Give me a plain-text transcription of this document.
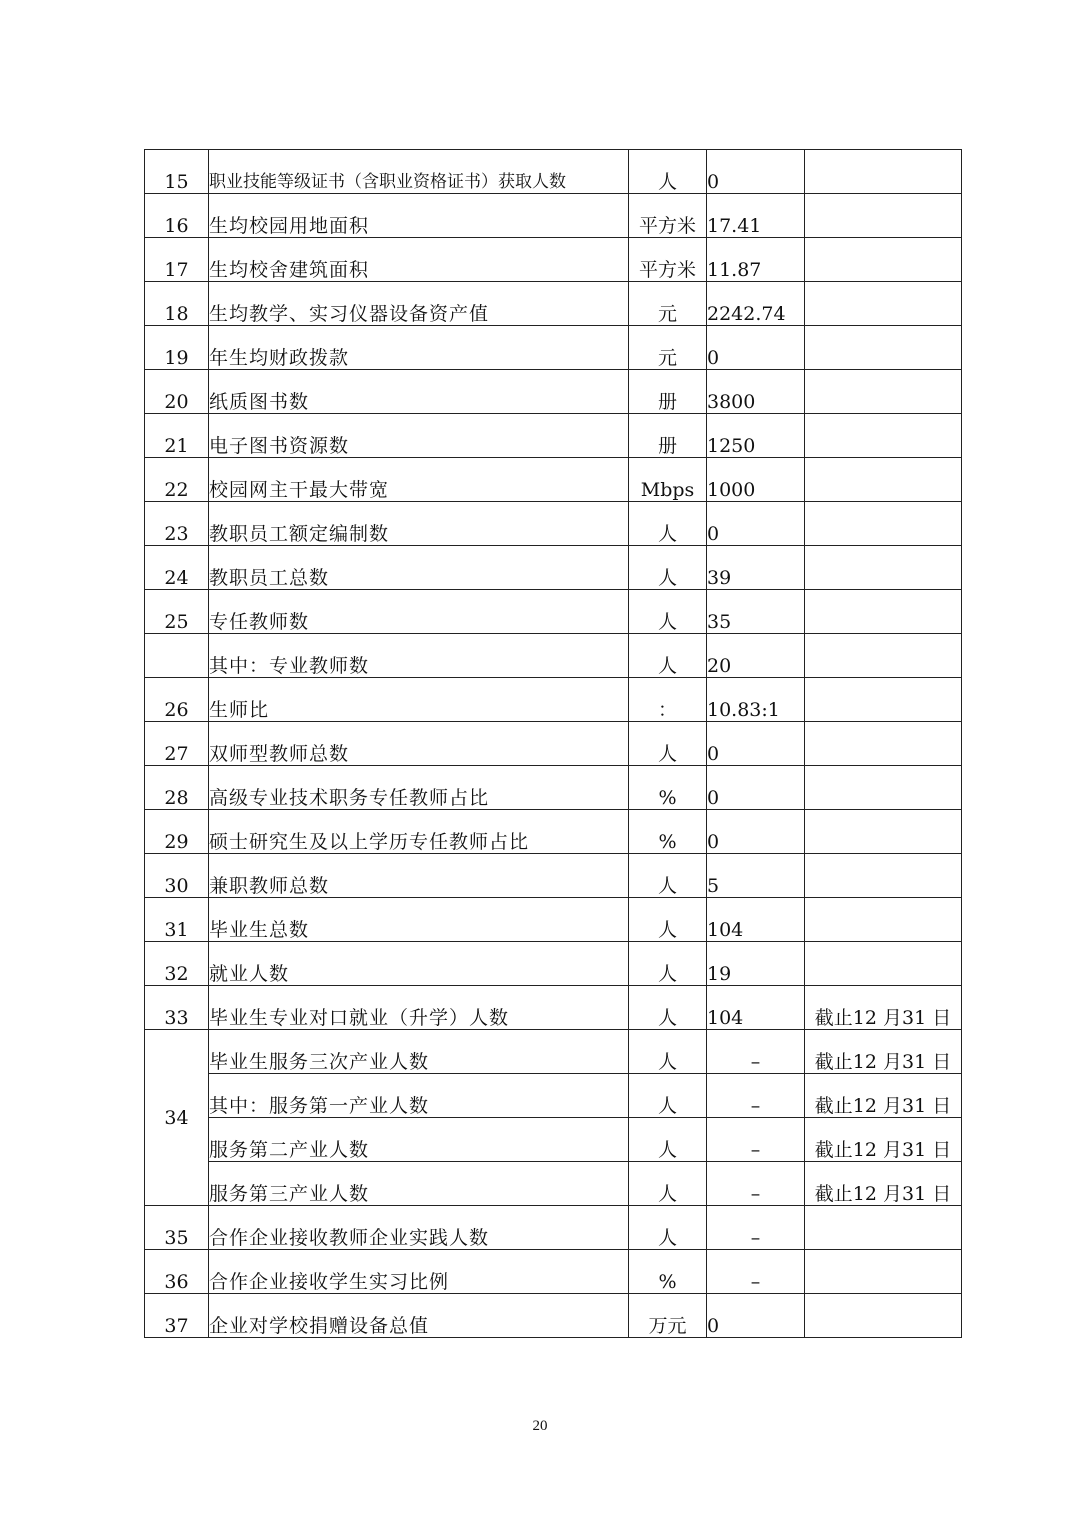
15	职业技能等级证书（含职业资格证书）获取人数	人	0	
16	生均校园用地面积	平方米	17.41	
17	生均校舍建筑面积	平方米	11.87	
18	生均教学、实习仪器设备资产值	元	2242.74	
19	年生均财政拨款	元	0	
20	纸质图书数	册	3800	
21	电子图书资源数	册	1250	
22	校园网主干最大带宽	Mbps	1000	
23	教职员工额定编制数	人	0	
24	教职员工总数	人	39	
25	专任教师数	人	35	
	其中：专业教师数	人	20	
26	生师比	：	10.83:1	
27	双师型教师总数	人	0	
28	高级专业技术职务专任教师占比	%	0	
29	硕士研究生及以上学历专任教师占比	%	0	
30	兼职教师总数	人	5	
31	毕业生总数	人	104	
32	就业人数	人	19	
33	毕业生专业对口就业（升学）人数	人	104	截止12 月31 日
34	毕业生服务三次产业人数	人	–	截止12 月31 日
	其中：服务第一产业人数	人	–	截止12 月31 日
	服务第二产业人数	人	–	截止12 月31 日
	服务第三产业人数	人	–	截止12 月31 日
35	合作企业接收教师企业实践人数	人	–	
36	合作企业接收学生实习比例	%	–	
37	企业对学校捐赠设备总值	万元	0	
20
